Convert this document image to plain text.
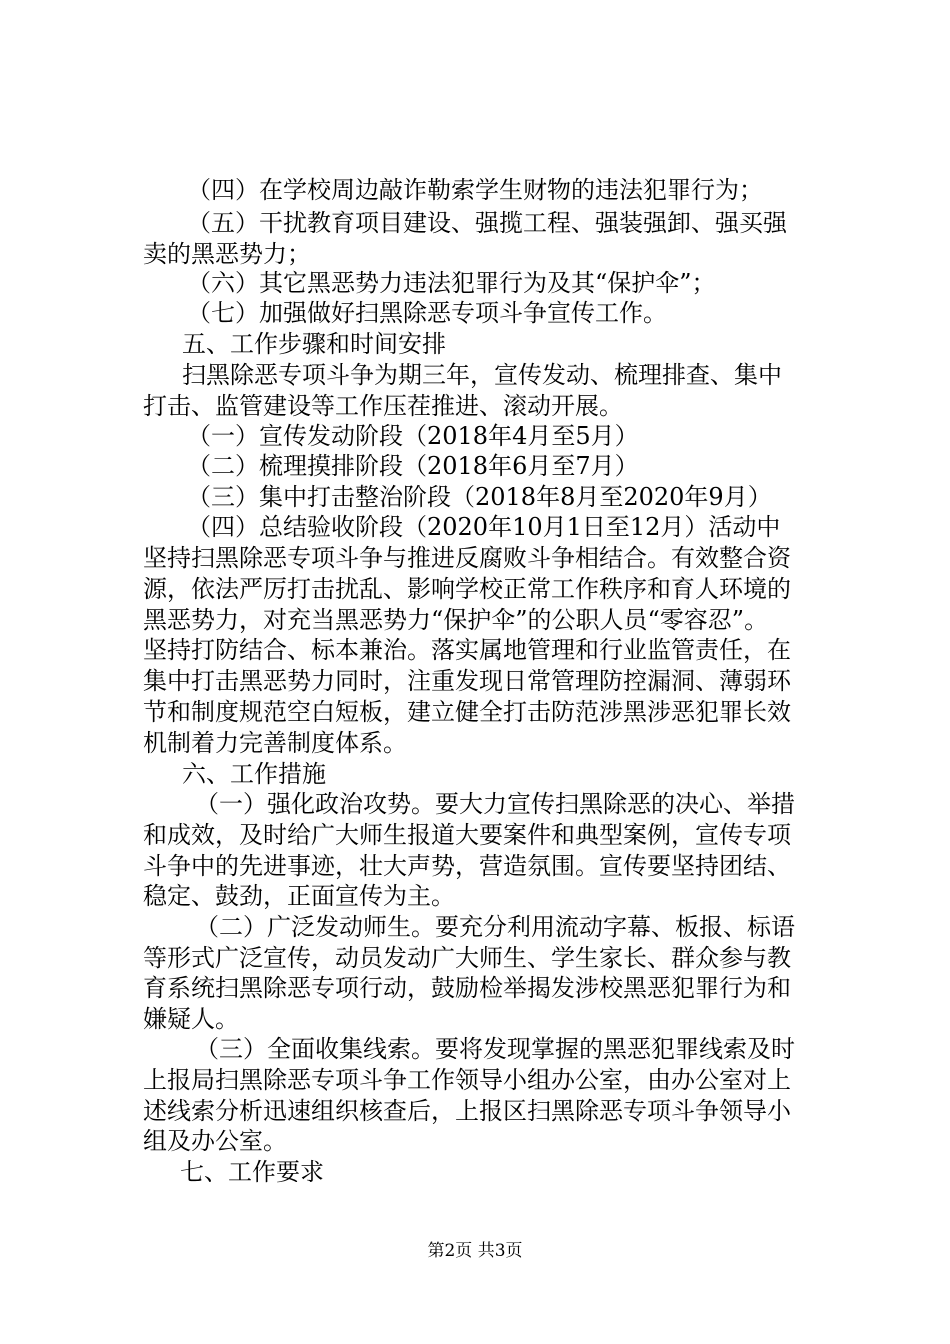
（四）在学校周边敲诈勒索学生财物的违法犯罪行为；
（五）干扰教育项目建设、强揽工程、强装强卸、强买强
卖的黑恶势力；
（六）其它黑恶势力违法犯罪行为及其“保护伞”；
（七）加强做好扫黑除恶专项斗争宣传工作。
五、工作步骤和时间安排
扫黑除恶专项斗争为期三年，宣传发动、梳理排查、集中
打击、监管建设等工作压茬推进、滚动开展。
（一）宣传发动阶段（2018年4月至5月）
（二）梳理摸排阶段（2018年6月至7月）
（三）集中打击整治阶段（2018年8月至2020年9月）
（四）总结验收阶段（2020年10月1日至12月）活动中
坚持扫黑除恶专项斗争与推进反腐败斗争相结合。有效整合资
源，依法严厉打击扰乱、影响学校正常工作秩序和育人环境的
黑恶势力，对充当黑恶势力“保护伞”的公职人员“零容忍”。
坚持打防结合、标本兼治。落实属地管理和行业监管责任，在
集中打击黑恶势力同时，注重发现日常管理防控漏洞、薄弱环
节和制度规范空白短板，建立健全打击防范涉黑涉恶犯罪长效
机制着力完善制度体系。
六、工作措施
（一）强化政治攻势。要大力宣传扫黑除恶的决心、举措
和成效，及时给广大师生报道大要案件和典型案例，宣传专项
斗争中的先进事迹，壮大声势，营造氛围。宣传要坚持团结、
稳定、鼓劲，正面宣传为主。
（二）广泛发动师生。要充分利用流动字幕、板报、标语
等形式广泛宣传，动员发动广大师生、学生家长、群众参与教
育系统扫黑除恶专项行动，鼓励检举揭发涉校黑恶犯罪行为和
嫌疑人。
（三）全面收集线索。要将发现掌握的黑恶犯罪线索及时
上报局扫黑除恶专项斗争工作领导小组办公室，由办公室对上
述线索分析迅速组织核查后，上报区扫黑除恶专项斗争领导小
组及办公室。
七、工作要求
第2页 共3页
